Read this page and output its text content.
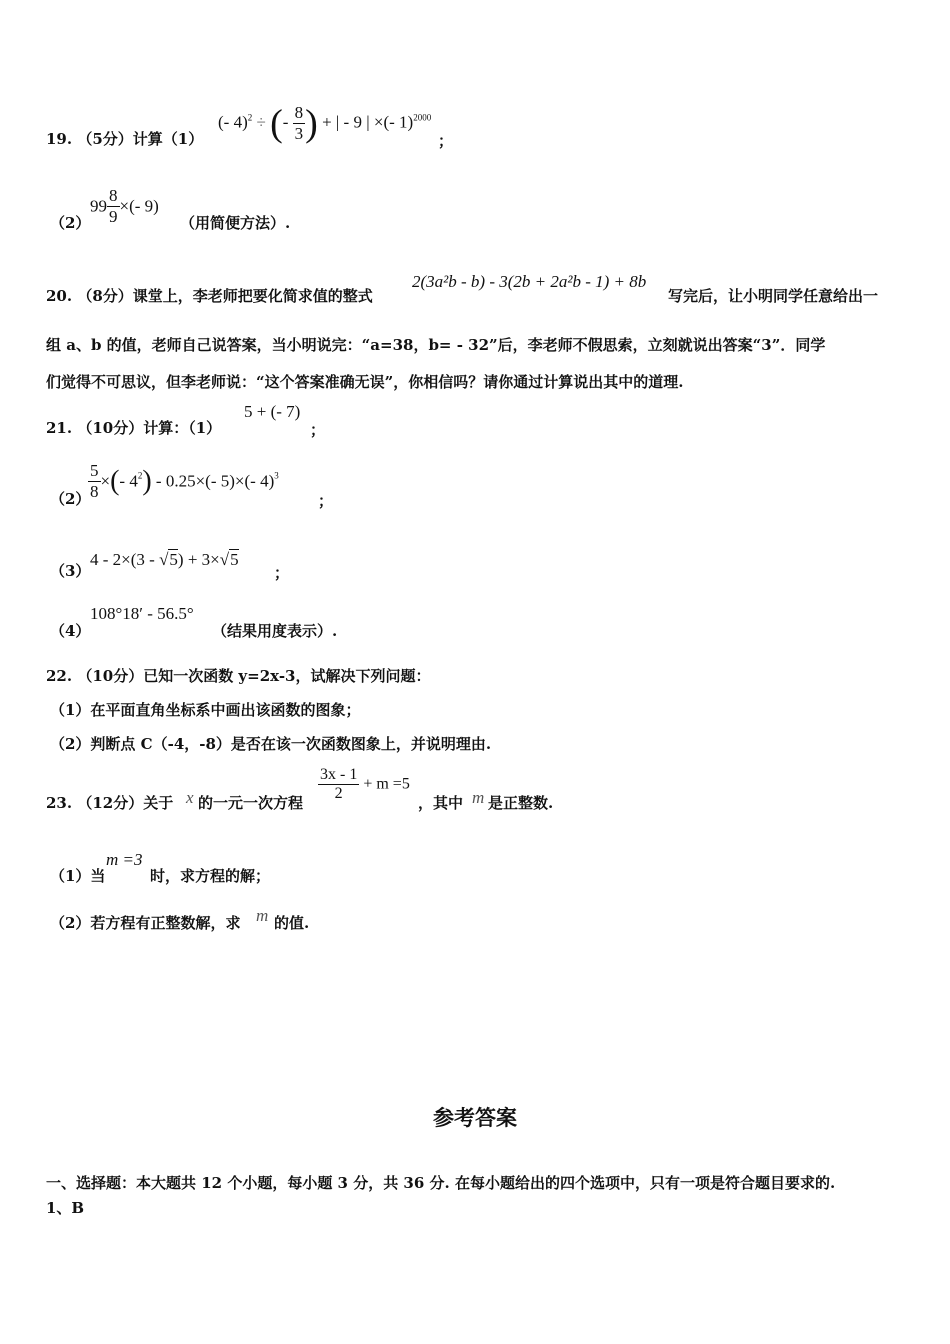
19. （5分）计算（1）
(- 4)$^2$ ÷ (- $\frac{8}{3}$ ) + | - 9 | ×(- 1)$^{2000}$
；
（2）
$99 \frac{8}{9}$ ×(- 9)
（用简便方法）.
20. （8分）课堂上，李老师把要化简求值的整式
2(3a²b - b) - 3(2b + 2a²b - 1) + 8b
写完后，让小明同学任意给出一
组 a、b 的值，老师自己说答案，当小明说完：“a=38，b= - 32”后，李老师不假思索，立刻就说出答案“3”．同学
们觉得不可思议，但李老师说：“这个答案准确无误”，你相信吗？请你通过计算说出其中的道理.
21. （10分）计算：（1）
5 + (- 7)
；
（2）
$\frac{5}{8}$ ×(- $4^2) - 0.25\times(-$ 5)×(- 4)$^3$
；
（3）
4 - 2×(3 - √5) + 3×√5
；
（4）
108°18′ - 56.5°
（结果用度表示）.
22. （10分）已知一次函数 y=2x-3，试解决下列问题：
（1）在平面直角坐标系中画出该函数的图象；
（2）判断点 C（-4，-8）是否在该一次函数图象上，并说明理由.
23. （12分）关于 x 的一元一次方程 $\frac{3x - 1}{2} + m =5$
，其中 m 是正整数.
（1）当
m =3
时，求方程的解；
（2）若方程有正整数解，求 m 的值.
参考答案
一、选择题：本大题共 12 个小题，每小题 3 分，共 36 分. 在每小题给出的四个选项中，只有一项是符合题目要求的.
1、B
